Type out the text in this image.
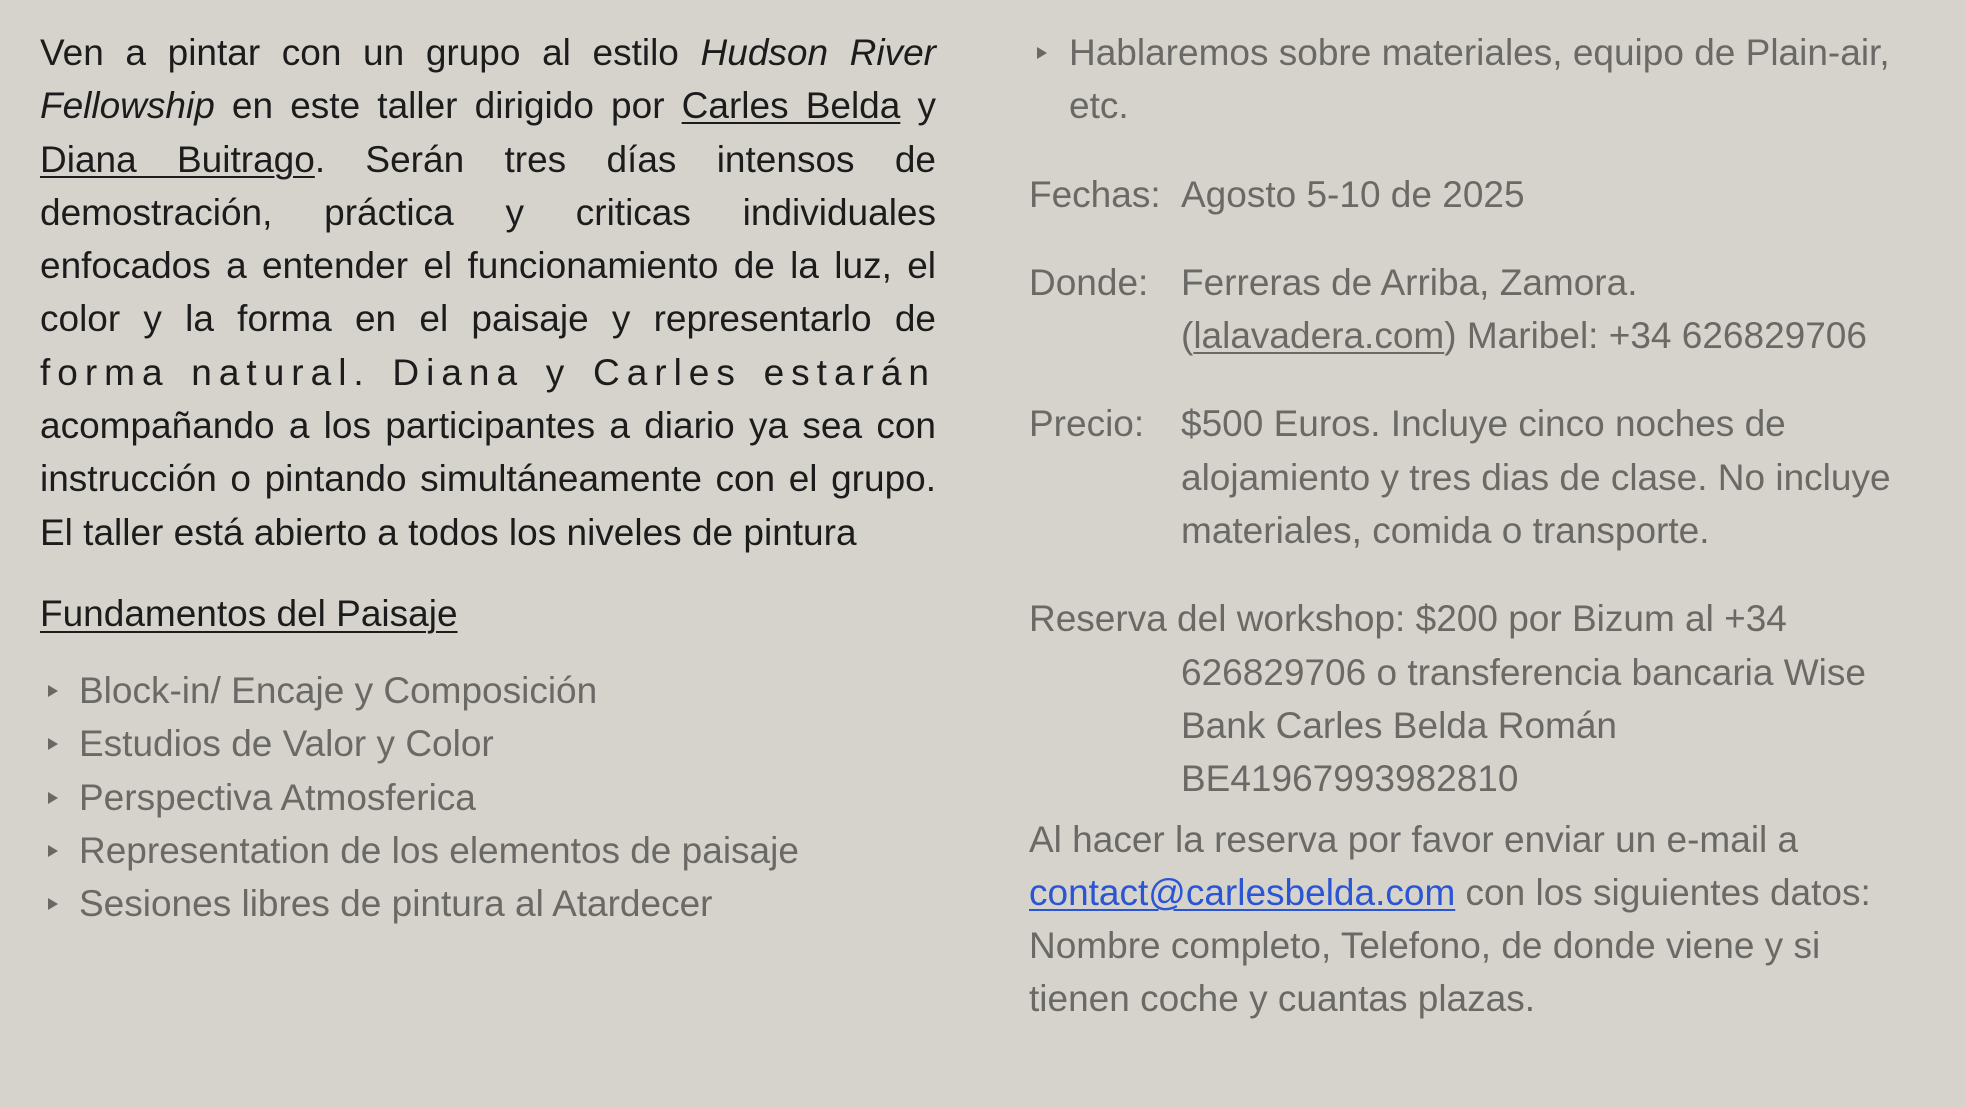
Ven a pintar con un grupo al estilo Hudson River Fellowship en este taller dirigido por Carles Belda y Diana Buitrago. Serán tres días intensos de demostración, práctica y criticas individuales enfocados a entender el funcionamiento de la luz, el color y la forma en el paisaje y representarlo de forma natural. Diana y Carles estarán acompañando a los participantes a diario ya sea con instrucción o pintando simultáneamente con el grupo. El taller está abierto a todos los niveles de pintura

Fundamentos del Paisaje
Block-in/ Encaje y Composición
Estudios de Valor y Color
Perspectiva Atmosferica
Representation de los elementos de paisaje
Sesiones libres de pintura al Atardecer
Hablaremos sobre materiales, equipo de Plain-air, etc.
Fechas: Agosto 5-10 de 2025
Donde: Ferreras de Arriba, Zamora.
(lalavadera.com) Maribel: +34 626829706
Precio: $500 Euros. Incluye cinco noches de alojamiento y tres dias de clase. No incluye materiales, comida o transporte.
Reserva del workshop: $200 por Bizum al +34
626829706 o transferencia bancaria Wise
Bank Carles Belda Román
BE41967993982810
Al hacer la reserva por favor enviar un e-mail a contact@carlesbelda.com con los siguientes datos: Nombre completo, Telefono, de donde viene y si tienen coche y cuantas plazas.
